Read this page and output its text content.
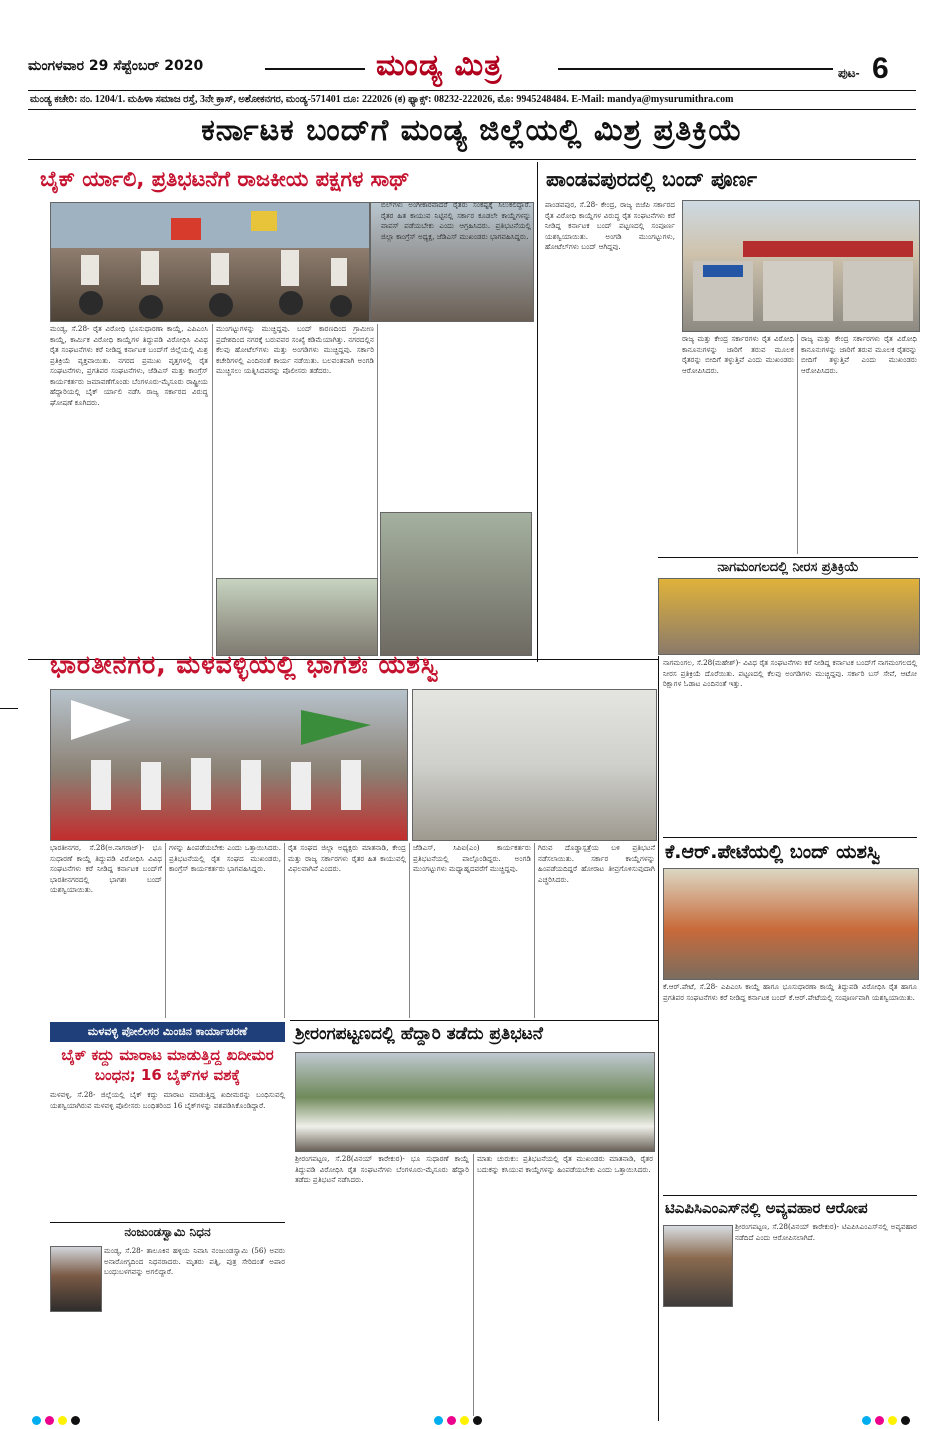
ಮಂಗಳವಾರ 29 ಸೆಪ್ಟೆಂಬರ್ 2020	ಮಂಡ್ಯ ಮಿತ್ರ	ಪುಟ- 6
ಮಂಡ್ಯ ಕಚೇರಿ: ನಂ. 1204/1. ಮಹಿಳಾ ಸಮಾಜ ರಸ್ತೆ, 3ನೇ ಕ್ರಾಸ್, ಅಶೋಕನಗರ, ಮಂಡ್ಯ-571401 ದೂ: 222026 (ಕ) ಫ್ಯಾಕ್ಸ್: 08232-222026, ಮೊ: 9945248484. E-Mail: mandya@mysurumithra.com
ಕರ್ನಾಟಕ ಬಂದ್‌ಗೆ ಮಂಡ್ಯ ಜಿಲ್ಲೆಯಲ್ಲಿ ಮಿಶ್ರ ಪ್ರತಿಕ್ರಿಯೆ
ಬೈಕ್ ರ್ಯಾಲಿ, ಪ್ರತಿಭಟನೆಗೆ ರಾಜಕೀಯ ಪಕ್ಷಗಳ ಸಾಥ್
ಮಂಡ್ಯ, ಸೆ.28- ರೈತ ವಿರೋಧಿ ಭೂಸುಧಾರಣಾ ಕಾಯ್ದೆ, ಎಪಿಎಂಸಿ ಕಾಯ್ದೆ, ಕಾರ್ಮಿಕ ವಿರೋಧಿ ಕಾಯ್ದೆಗಳ ತಿದ್ದುಪಡಿ ವಿರೋಧಿಸಿ ವಿವಿಧ ರೈತ ಸಂಘಟನೆಗಳು ಕರೆ ನೀಡಿದ್ದ ಕರ್ನಾಟಕ ಬಂದ್‌ಗೆ ಜಿಲ್ಲೆಯಲ್ಲಿ ಮಿಶ್ರ ಪ್ರತಿಕ್ರಿಯೆ ವ್ಯಕ್ತವಾಯಿತು. ನಗರದ ಪ್ರಮುಖ ವೃತ್ತಗಳಲ್ಲಿ ರೈತ ಸಂಘಟನೆಗಳು, ಪ್ರಗತಿಪರ ಸಂಘಟನೆಗಳು, ಜೆಡಿಎಸ್ ಮತ್ತು ಕಾಂಗ್ರೆಸ್ ಕಾರ್ಯಕರ್ತರು ಜಮಾವಣೆಗೊಂಡು ಬೆಂಗಳೂರು-ಮೈಸೂರು ರಾಷ್ಟ್ರೀಯ ಹೆದ್ದಾರಿಯಲ್ಲಿ ಬೈಕ್ ರ್ಯಾಲಿ ನಡೆಸಿ ರಾಜ್ಯ ಸರ್ಕಾರದ ವಿರುದ್ಧ ಘೋಷಣೆ ಕೂಗಿದರು.
ಮುಂಗಟ್ಟುಗಳನ್ನು ಮುಚ್ಚಿದ್ದವು. ಬಂದ್ ಕಾರಣದಿಂದ ಗ್ರಾಮೀಣ ಪ್ರದೇಶದಿಂದ ನಗರಕ್ಕೆ ಬರುವವರ ಸಂಖ್ಯೆ ಕಡಿಮೆಯಾಗಿತ್ತು. ನಗರದಲ್ಲಿನ ಕೆಲವು ಹೋಟೆಲ್‌ಗಳು ಮತ್ತು ಅಂಗಡಿಗಳು ಮುಚ್ಚಿದ್ದವು. ಸರ್ಕಾರಿ ಕಚೇರಿಗಳಲ್ಲಿ ಎಂದಿನಂತೆ ಕಾರ್ಯ ನಡೆಯಿತು. ಬಲವಂತವಾಗಿ ಅಂಗಡಿ ಮುಚ್ಚಿಸಲು ಯತ್ನಿಸಿದವರನ್ನು ಪೊಲೀಸರು ತಡೆದರು.
ಬಿಲ್‌ಗಳು ಅಂಗೀಕಾರವಾದರೆ ರೈತರು ಸಂಕಷ್ಟಕ್ಕೆ ಸಿಲುಕಲಿದ್ದಾರೆ. ರೈತರ ಹಿತ ಕಾಯುವ ನಿಟ್ಟಿನಲ್ಲಿ ಸರ್ಕಾರ ಕೂಡಲೇ ಕಾಯ್ದೆಗಳನ್ನು ವಾಪಸ್ ಪಡೆಯಬೇಕು ಎಂದು ಆಗ್ರಹಿಸಿದರು. ಪ್ರತಿಭಟನೆಯಲ್ಲಿ ಜಿಲ್ಲಾ ಕಾಂಗ್ರೆಸ್ ಅಧ್ಯಕ್ಷ, ಜೆಡಿಎಸ್ ಮುಖಂಡರು ಭಾಗವಹಿಸಿದ್ದರು.
ಪಾಂಡವಪುರದಲ್ಲಿ ಬಂದ್ ಪೂರ್ಣ
ಪಾಂಡವಪುರ, ಸೆ.28- ಕೇಂದ್ರ, ರಾಜ್ಯ ಬಿಜೆಪಿ ಸರ್ಕಾರದ ರೈತ ವಿರೋಧಿ ಕಾಯ್ದೆಗಳ ವಿರುದ್ಧ ರೈತ ಸಂಘಟನೆಗಳು ಕರೆ ನೀಡಿದ್ದ ಕರ್ನಾಟಕ ಬಂದ್ ಪಟ್ಟಣದಲ್ಲಿ ಸಂಪೂರ್ಣ ಯಶಸ್ವಿಯಾಯಿತು. ಅಂಗಡಿ ಮುಂಗಟ್ಟುಗಳು, ಹೋಟೆಲ್‌ಗಳು ಬಂದ್ ಆಗಿದ್ದವು.
ರಾಜ್ಯ ಮತ್ತು ಕೇಂದ್ರ ಸರ್ಕಾರಗಳು ರೈತ ವಿರೋಧಿ ಕಾನೂನುಗಳನ್ನು ಜಾರಿಗೆ ತರುವ ಮೂಲಕ ರೈತರನ್ನು ಬೀದಿಗೆ ತಳ್ಳುತ್ತಿವೆ ಎಂದು ಮುಖಂಡರು ಆರೋಪಿಸಿದರು.
ರಾಜ್ಯ ಮತ್ತು ಕೇಂದ್ರ ಸರ್ಕಾರಗಳು ರೈತ ವಿರೋಧಿ ಕಾನೂನುಗಳನ್ನು ಜಾರಿಗೆ ತರುವ ಮೂಲಕ ರೈತರನ್ನು ಬೀದಿಗೆ ತಳ್ಳುತ್ತಿವೆ ಎಂದು ಮುಖಂಡರು ಆರೋಪಿಸಿದರು.
ನಾಗಮಂಗಲದಲ್ಲಿ ನೀರಸ ಪ್ರತಿಕ್ರಿಯೆ
ಭಾರತೀನಗರ, ಮಳವಳ್ಳಿಯಲ್ಲಿ ಭಾಗಶಃ ಯಶಸ್ವಿ
ಭಾರತೀನಗರ, ಸೆ.28(ಅ.ನಾಗರಾಜ್)- ಭೂ ಸುಧಾರಣೆ ಕಾಯ್ದೆ ತಿದ್ದುಪಡಿ ವಿರೋಧಿಸಿ ವಿವಿಧ ಸಂಘಟನೆಗಳು ಕರೆ ನೀಡಿದ್ದ ಕರ್ನಾಟಕ ಬಂದ್‌ಗೆ ಭಾರತೀನಗರದಲ್ಲಿ ಭಾಗಶಃ ಬಂದ್ ಯಶಸ್ವಿಯಾಯಿತು.
ಗಳನ್ನು ಹಿಂಪಡೆಯಬೇಕು ಎಂದು ಒತ್ತಾಯಿಸಿದರು. ಪ್ರತಿಭಟನೆಯಲ್ಲಿ ರೈತ ಸಂಘದ ಮುಖಂಡರು, ಕಾಂಗ್ರೆಸ್ ಕಾರ್ಯಕರ್ತರು ಭಾಗವಹಿಸಿದ್ದರು.
ರೈತ ಸಂಘದ ಜಿಲ್ಲಾ ಅಧ್ಯಕ್ಷರು ಮಾತನಾಡಿ, ಕೇಂದ್ರ ಮತ್ತು ರಾಜ್ಯ ಸರ್ಕಾರಗಳು ರೈತರ ಹಿತ ಕಾಯುವಲ್ಲಿ ವಿಫಲವಾಗಿವೆ ಎಂದರು.
ಜೆಡಿಎಸ್, ಸಿಪಿಐ(ಎಂ) ಕಾರ್ಯಕರ್ತರು ಪ್ರತಿಭಟನೆಯಲ್ಲಿ ಪಾಲ್ಗೊಂಡಿದ್ದರು. ಅಂಗಡಿ ಮುಂಗಟ್ಟುಗಳು ಮಧ್ಯಾಹ್ನದವರೆಗೆ ಮುಚ್ಚಿದ್ದವು.
ಗಿರುವ ದೊಡ್ಡಾಸ್ಪತ್ರೆಯ ಬಳಿ ಪ್ರತಿಭಟನೆ ನಡೆಸಲಾಯಿತು. ಸರ್ಕಾರ ಕಾಯ್ದೆಗಳನ್ನು ಹಿಂಪಡೆಯದಿದ್ದರೆ ಹೋರಾಟ ತೀವ್ರಗೊಳಿಸುವುದಾಗಿ ಎಚ್ಚರಿಸಿದರು.
ನಾಗಮಂಗಲ, ಸೆ.28(ಮಹೇಶ್)- ವಿವಿಧ ರೈತ ಸಂಘಟನೆಗಳು ಕರೆ ನೀಡಿದ್ದ ಕರ್ನಾಟಕ ಬಂದ್‌ಗೆ ನಾಗಮಂಗಲದಲ್ಲಿ ನೀರಸ ಪ್ರತಿಕ್ರಿಯೆ ದೊರೆಯಿತು. ಪಟ್ಟಣದಲ್ಲಿ ಕೆಲವು ಅಂಗಡಿಗಳು ಮುಚ್ಚಿದ್ದವು. ಸರ್ಕಾರಿ ಬಸ್ ಸೇವೆ, ಆಟೋ ರಿಕ್ಷಾಗಳ ಓಡಾಟ ಎಂದಿನಂತೆ ಇತ್ತು.
ಕೆ.ಆರ್.ಪೇಟೆಯಲ್ಲಿ ಬಂದ್ ಯಶಸ್ವಿ
ಕೆ.ಆರ್.ಪೇಟೆ, ಸೆ.28- ಎಪಿಎಂಸಿ ಕಾಯ್ದೆ ಹಾಗೂ ಭೂಸುಧಾರಣಾ ಕಾಯ್ದೆ ತಿದ್ದುಪಡಿ ವಿರೋಧಿಸಿ ರೈತ ಹಾಗೂ ಪ್ರಗತಿಪರ ಸಂಘಟನೆಗಳು ಕರೆ ನೀಡಿದ್ದ ಕರ್ನಾಟಕ ಬಂದ್ ಕೆ.ಆರ್.ಪೇಟೆಯಲ್ಲಿ ಸಂಪೂರ್ಣವಾಗಿ ಯಶಸ್ವಿಯಾಯಿತು.
ಮಳವಳ್ಳಿ ಪೋಲೀಸರ ಮಿಂಚಿನ ಕಾರ್ಯಾಚರಣೆ
ಬೈಕ್ ಕದ್ದು ಮಾರಾಟ ಮಾಡುತ್ತಿದ್ದ ಖದೀಮರ ಬಂಧನ; 16 ಬೈಕ್‌ಗಳ ವಶಕ್ಕೆ
ಮಳವಳ್ಳಿ, ಸೆ.28- ಜಿಲ್ಲೆಯಲ್ಲಿ ಬೈಕ್ ಕದ್ದು ಮಾರಾಟ ಮಾಡುತ್ತಿದ್ದ ಖದೀಮರನ್ನು ಬಂಧಿಸುವಲ್ಲಿ ಯಶಸ್ವಿಯಾಗಿರುವ ಮಳವಳ್ಳಿ ಪೊಲೀಸರು ಬಂಧಿತರಿಂದ 16 ಬೈಕ್‌ಗಳನ್ನು ವಶಪಡಿಸಿಕೊಂಡಿದ್ದಾರೆ.
ಶ್ರೀರಂಗಪಟ್ಟಣದಲ್ಲಿ ಹೆದ್ದಾರಿ ತಡೆದು ಪ್ರತಿಭಟನೆ
ಶ್ರೀರಂಗಪಟ್ಟಣ, ಸೆ.28(ವಿನಯ್ ಕಾರೇಕುರ)- ಭೂ ಸುಧಾರಣೆ ಕಾಯ್ದೆ ತಿದ್ದುಪಡಿ ವಿರೋಧಿಸಿ ರೈತ ಸಂಘಟನೆಗಳು ಬೆಂಗಳೂರು-ಮೈಸೂರು ಹೆದ್ದಾರಿ ತಡೆದು ಪ್ರತಿಭಟನೆ ನಡೆಸಿದರು.
ಮಾತು ಚುರುಕು: ಪ್ರತಿಭಟನೆಯಲ್ಲಿ ರೈತ ಮುಖಂಡರು ಮಾತನಾಡಿ, ರೈತರ ಬದುಕನ್ನು ಕಸಿಯುವ ಕಾಯ್ದೆಗಳನ್ನು ಹಿಂಪಡೆಯಬೇಕು ಎಂದು ಒತ್ತಾಯಿಸಿದರು.
ಟಿಎಪಿಸಿಎಂಎಸ್‌ನಲ್ಲಿ ಅವ್ಯವಹಾರ ಆರೋಪ
ಶ್ರೀರಂಗಪಟ್ಟಣ, ಸೆ.28(ವಿನಯ್ ಕಾರೇಕುರ)- ಟಿಎಪಿಸಿಎಂಎಸ್‌ನಲ್ಲಿ ಅವ್ಯವಹಾರ ನಡೆದಿದೆ ಎಂದು ಆರೋಪಿಸಲಾಗಿದೆ.
ನಂಜುಂಡಸ್ವಾಮಿ ನಿಧನ
ಮಂಡ್ಯ, ಸೆ.28- ತಾಲೂಕಿನ ಹಳ್ಳಿಯ ನಿವಾಸಿ ನಂಜುಂಡಸ್ವಾಮಿ (56) ಅವರು ಅನಾರೋಗ್ಯದಿಂದ ನಿಧನರಾದರು. ಮೃತರು ಪತ್ನಿ, ಪುತ್ರ ಸೇರಿದಂತೆ ಅಪಾರ ಬಂಧುಬಳಗವನ್ನು ಅಗಲಿದ್ದಾರೆ.
